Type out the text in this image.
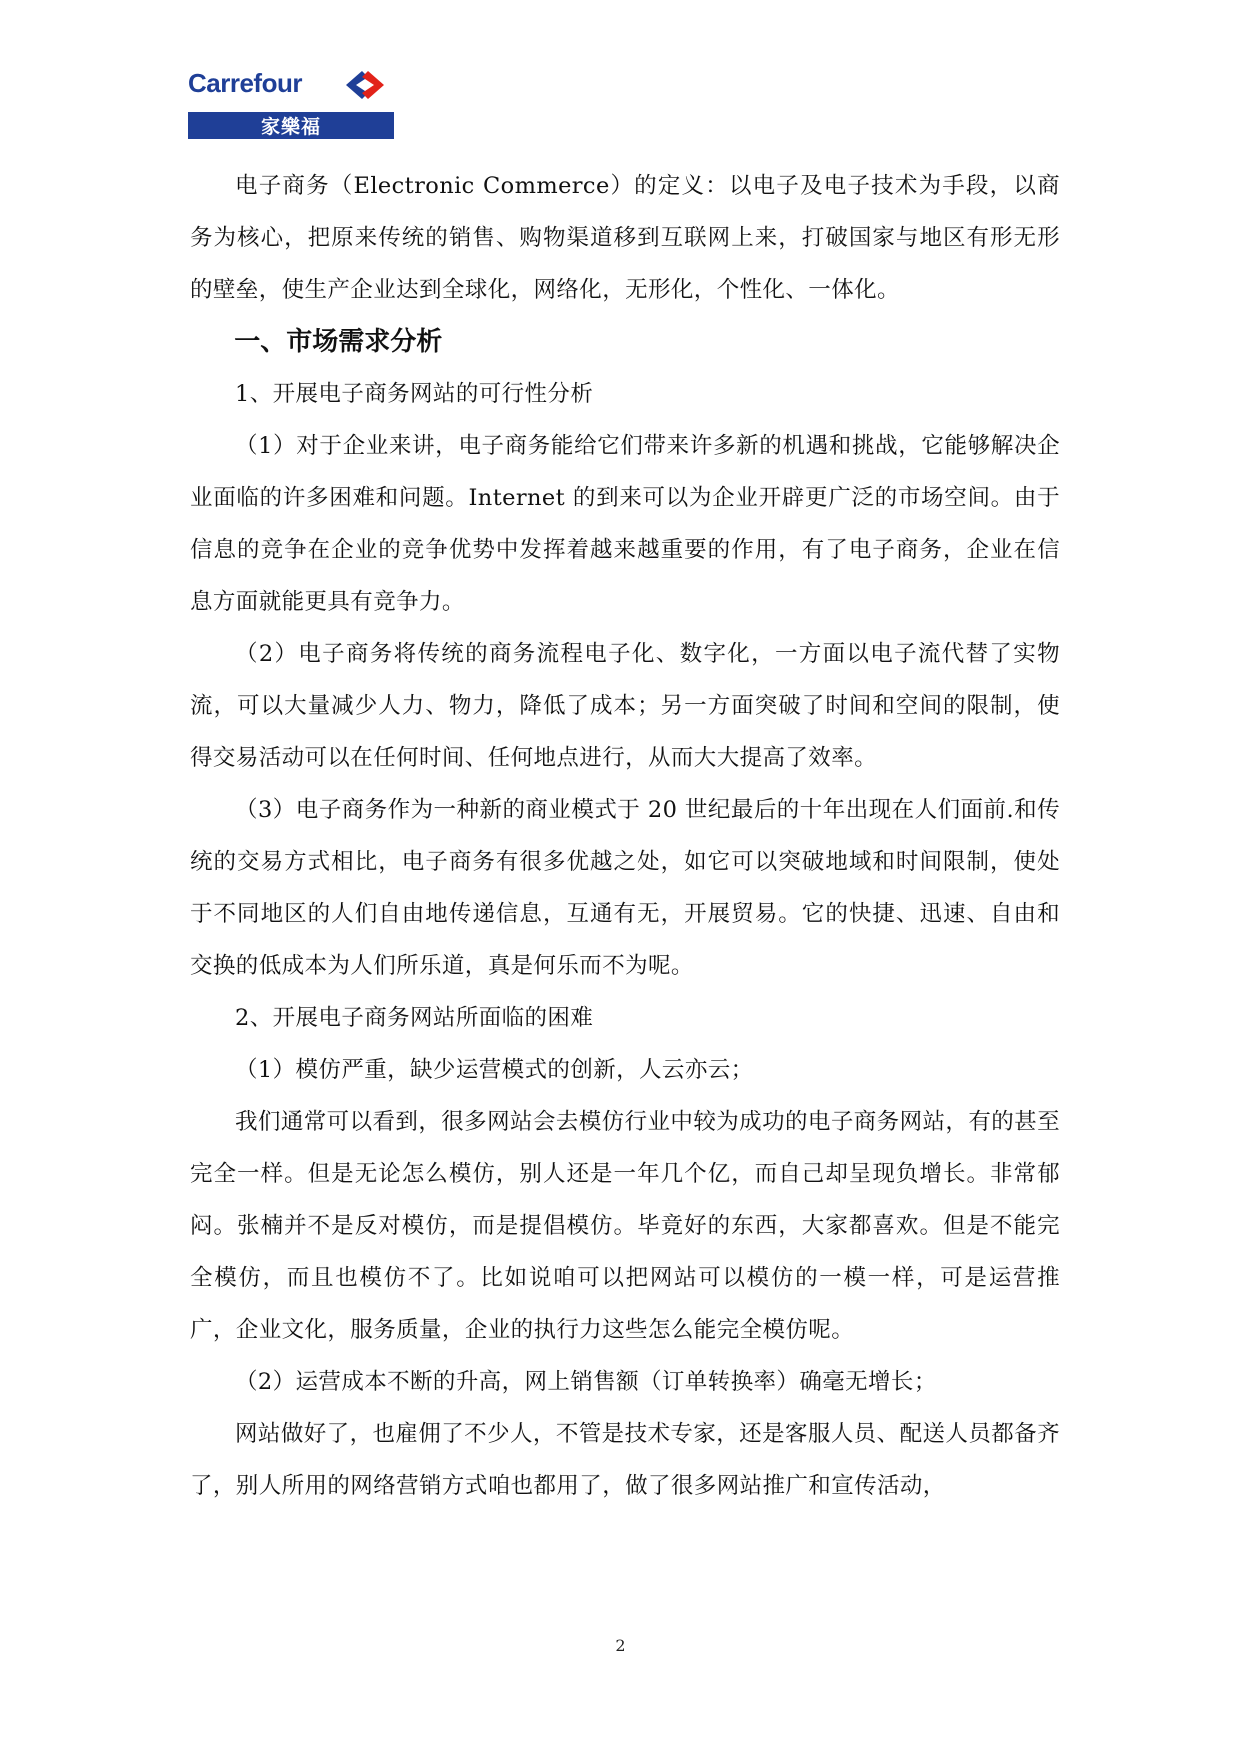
Carrefour
家樂福

电子商务（Electronic Commerce）的定义：以电子及电子技术为手段，以商务为核心，把原来传统的销售、购物渠道移到互联网上来，打破国家与地区有形无形的壁垒，使生产企业达到全球化，网络化，无形化，个性化、一体化。

一、市场需求分析

1、开展电子商务网站的可行性分析

（1）对于企业来讲，电子商务能给它们带来许多新的机遇和挑战，它能够解决企业面临的许多困难和问题。Internet 的到来可以为企业开辟更广泛的市场空间。由于信息的竞争在企业的竞争优势中发挥着越来越重要的作用，有了电子商务，企业在信息方面就能更具有竞争力。

（2）电子商务将传统的商务流程电子化、数字化，一方面以电子流代替了实物流，可以大量减少人力、物力，降低了成本；另一方面突破了时间和空间的限制，使得交易活动可以在任何时间、任何地点进行，从而大大提高了效率。

（3）电子商务作为一种新的商业模式于 20 世纪最后的十年出现在人们面前.和传统的交易方式相比，电子商务有很多优越之处，如它可以突破地域和时间限制，使处于不同地区的人们自由地传递信息，互通有无，开展贸易。它的快捷、迅速、自由和交换的低成本为人们所乐道，真是何乐而不为呢。

2、开展电子商务网站所面临的困难

（1）模仿严重，缺少运营模式的创新，人云亦云；

我们通常可以看到，很多网站会去模仿行业中较为成功的电子商务网站，有的甚至完全一样。但是无论怎么模仿，别人还是一年几个亿，而自己却呈现负增长。非常郁闷。张楠并不是反对模仿，而是提倡模仿。毕竟好的东西，大家都喜欢。但是不能完全模仿，而且也模仿不了。比如说咱可以把网站可以模仿的一模一样，可是运营推广，企业文化，服务质量，企业的执行力这些怎么能完全模仿呢。

（2）运营成本不断的升高，网上销售额（订单转换率）确毫无增长；

网站做好了，也雇佣了不少人，不管是技术专家，还是客服人员、配送人员都备齐了，别人所用的网络营销方式咱也都用了，做了很多网站推广和宣传活动，

2
